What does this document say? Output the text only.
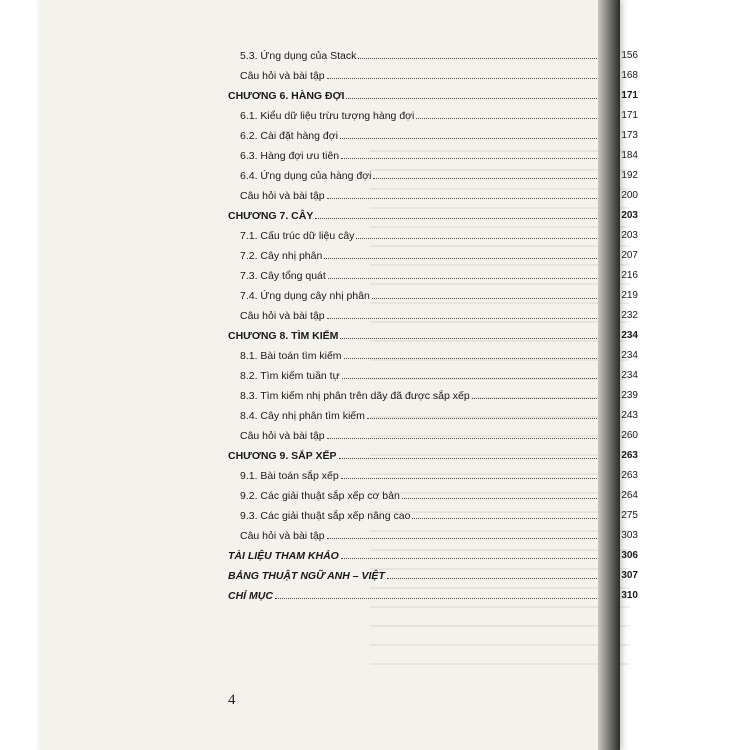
5.3. Ứng dụng của Stack	156
Câu hỏi và bài tập	168
CHƯƠNG 6. HÀNG ĐỢI	171
6.1. Kiểu dữ liệu trừu tượng hàng đợi	171
6.2. Cài đặt hàng đợi	173
6.3. Hàng đợi ưu tiên	184
6.4. Ứng dụng của hàng đợi	192
Câu hỏi và bài tập	200
CHƯƠNG 7. CÂY	203
7.1. Cấu trúc dữ liệu cây	203
7.2. Cây nhị phân	207
7.3. Cây tổng quát	216
7.4. Ứng dụng cây nhị phân	219
Câu hỏi và bài tập	232
CHƯƠNG 8. TÌM KIẾM	234
8.1. Bài toán tìm kiếm	234
8.2. Tìm kiếm tuần tự	234
8.3. Tìm kiếm nhị phân trên dãy đã được sắp xếp	239
8.4. Cây nhị phân tìm kiếm	243
Câu hỏi và bài tập	260
CHƯƠNG 9. SẮP XẾP	263
9.1. Bài toán sắp xếp	263
9.2. Các giải thuật sắp xếp cơ bản	264
9.3. Các giải thuật sắp xếp nâng cao	275
Câu hỏi và bài tập	303
TÀI LIỆU THAM KHẢO	306
BẢNG THUẬT NGỮ ANH – VIỆT	307
CHỈ MỤC	310
4
